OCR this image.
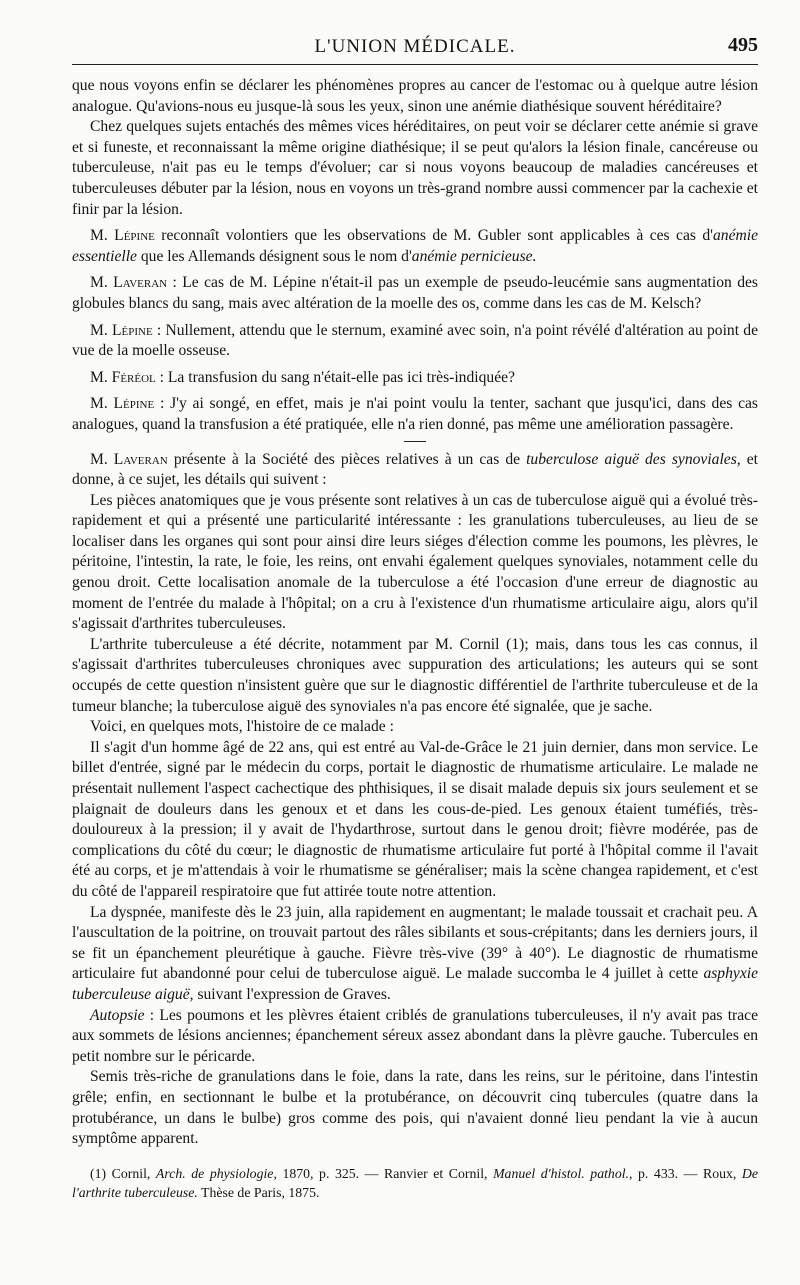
L'UNION MÉDICALE.	495

que nous voyons enfin se déclarer les phénomènes propres au cancer de l'estomac ou à quelque autre lésion analogue. Qu'avions-nous eu jusque-là sous les yeux, sinon une anémie diathésique souvent héréditaire?

Chez quelques sujets entachés des mêmes vices héréditaires, on peut voir se déclarer cette anémie si grave et si funeste, et reconnaissant la même origine diathésique; il se peut qu'alors la lésion finale, cancéreuse ou tuberculeuse, n'ait pas eu le temps d'évoluer; car si nous voyons beaucoup de maladies cancéreuses et tuberculeuses débuter par la lésion, nous en voyons un très-grand nombre aussi commencer par la cachexie et finir par la lésion.

M. Lépine reconnaît volontiers que les observations de M. Gubler sont applicables à ces cas d'anémie essentielle que les Allemands désignent sous le nom d'anémie pernicieuse.

M. Laveran : Le cas de M. Lépine n'était-il pas un exemple de pseudo-leucémie sans augmentation des globules blancs du sang, mais avec altération de la moelle des os, comme dans les cas de M. Kelsch?

M. Lépine : Nullement, attendu que le sternum, examiné avec soin, n'a point révélé d'altération au point de vue de la moelle osseuse.

M. Féréol : La transfusion du sang n'était-elle pas ici très-indiquée?

M. Lépine : J'y ai songé, en effet, mais je n'ai point voulu la tenter, sachant que jusqu'ici, dans des cas analogues, quand la transfusion a été pratiquée, elle n'a rien donné, pas même une amélioration passagère.

M. Laveran présente à la Société des pièces relatives à un cas de tuberculose aiguë des synoviales, et donne, à ce sujet, les détails qui suivent :

Les pièces anatomiques que je vous présente sont relatives à un cas de tuberculose aiguë qui a évolué très-rapidement et qui a présenté une particularité intéressante : les granulations tuberculeuses, au lieu de se localiser dans les organes qui sont pour ainsi dire leurs siéges d'élection comme les poumons, les plèvres, le péritoine, l'intestin, la rate, le foie, les reins, ont envahi également quelques synoviales, notamment celle du genou droit. Cette localisation anomale de la tuberculose a été l'occasion d'une erreur de diagnostic au moment de l'entrée du malade à l'hôpital; on a cru à l'existence d'un rhumatisme articulaire aigu, alors qu'il s'agissait d'arthrites tuberculeuses.

L'arthrite tuberculeuse a été décrite, notamment par M. Cornil (1); mais, dans tous les cas connus, il s'agissait d'arthrites tuberculeuses chroniques avec suppuration des articulations; les auteurs qui se sont occupés de cette question n'insistent guère que sur le diagnostic différentiel de l'arthrite tuberculeuse et de la tumeur blanche; la tuberculose aiguë des synoviales n'a pas encore été signalée, que je sache.

Voici, en quelques mots, l'histoire de ce malade :

Il s'agit d'un homme âgé de 22 ans, qui est entré au Val-de-Grâce le 21 juin dernier, dans mon service. Le billet d'entrée, signé par le médecin du corps, portait le diagnostic de rhumatisme articulaire. Le malade ne présentait nullement l'aspect cachectique des phthisiques, il se disait malade depuis six jours seulement et se plaignait de douleurs dans les genoux et et dans les cous-de-pied. Les genoux étaient tuméfiés, très-douloureux à la pression; il y avait de l'hydarthrose, surtout dans le genou droit; fièvre modérée, pas de complications du côté du cœur; le diagnostic de rhumatisme articulaire fut porté à l'hôpital comme il l'avait été au corps, et je m'attendais à voir le rhumatisme se généraliser; mais la scène changea rapidement, et c'est du côté de l'appareil respiratoire que fut attirée toute notre attention.

La dyspnée, manifeste dès le 23 juin, alla rapidement en augmentant; le malade toussait et crachait peu. A l'auscultation de la poitrine, on trouvait partout des râles sibilants et sous-crépitants; dans les derniers jours, il se fit un épanchement pleurétique à gauche. Fièvre très-vive (39° à 40°). Le diagnostic de rhumatisme articulaire fut abandonné pour celui de tuberculose aiguë. Le malade succomba le 4 juillet à cette asphyxie tuberculeuse aiguë, suivant l'expression de Graves.

Autopsie : Les poumons et les plèvres étaient criblés de granulations tuberculeuses, il n'y avait pas trace aux sommets de lésions anciennes; épanchement séreux assez abondant dans la plèvre gauche. Tubercules en petit nombre sur le péricarde.

Semis très-riche de granulations dans le foie, dans la rate, dans les reins, sur le péritoine, dans l'intestin grêle; enfin, en sectionnant le bulbe et la protubérance, on découvrit cinq tubercules (quatre dans la protubérance, un dans le bulbe) gros comme des pois, qui n'avaient donné lieu pendant la vie à aucun symptôme apparent.

(1) Cornil, Arch. de physiologie, 1870, p. 325. — Ranvier et Cornil, Manuel d'histol. pathol., p. 433. — Roux, De l'arthrite tuberculeuse. Thèse de Paris, 1875.
